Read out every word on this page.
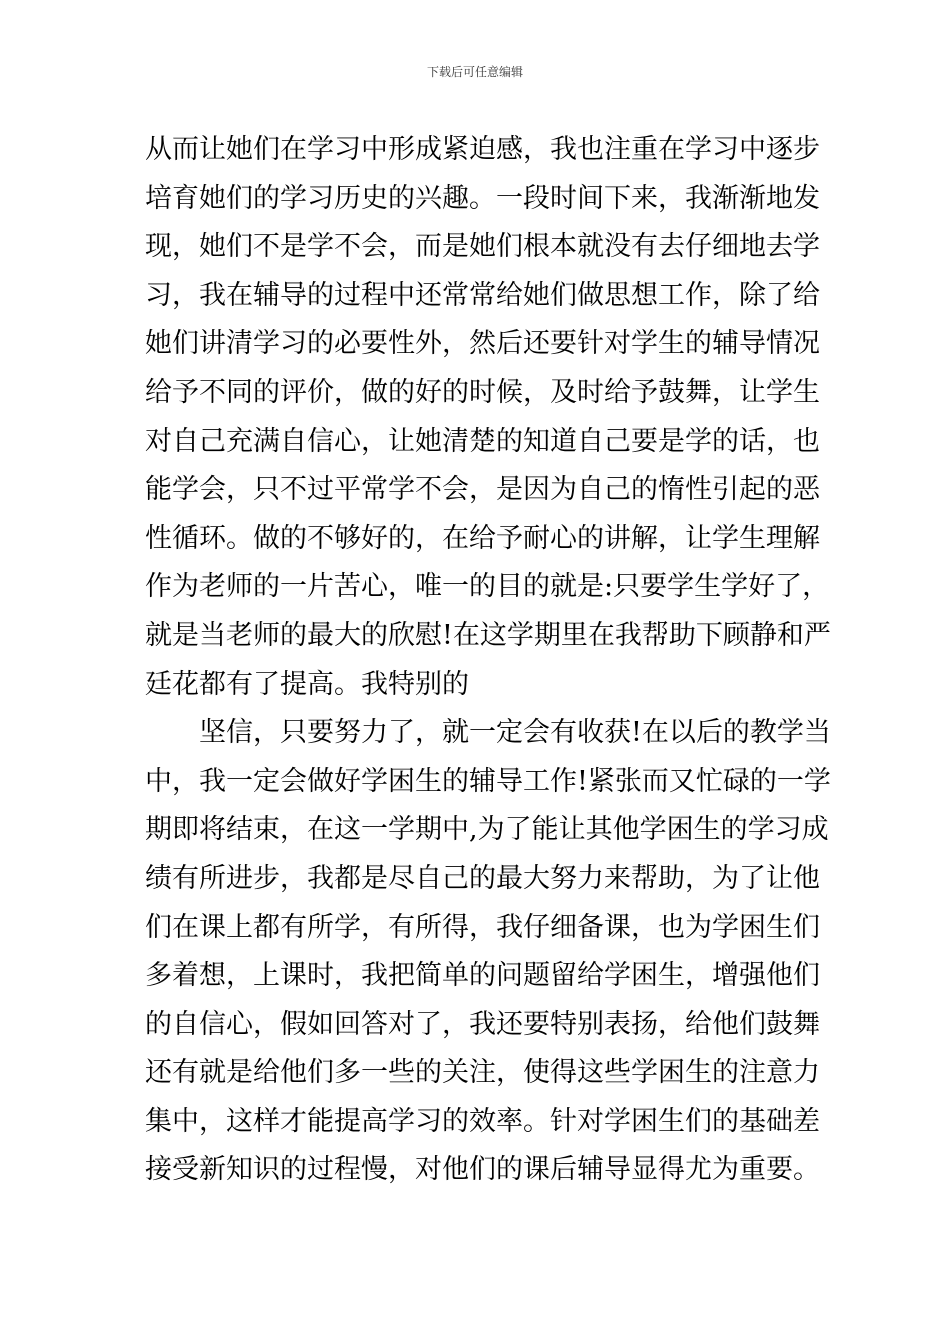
下载后可任意编辑
从而让她们在学习中形成紧迫感，我也注重在学习中逐步
培育她们的学习历史的兴趣。一段时间下来，我渐渐地发
现，她们不是学不会，而是她们根本就没有去仔细地去学
习，我在辅导的过程中还常常给她们做思想工作，除了给
她们讲清学习的必要性外，然后还要针对学生的辅导情况
给予不同的评价，做的好的时候，及时给予鼓舞，让学生
对自己充满自信心，让她清楚的知道自己要是学的话，也
能学会，只不过平常学不会，是因为自己的惰性引起的恶
性循环。做的不够好的，在给予耐心的讲解，让学生理解
作为老师的一片苦心，唯一的目的就是:只要学生学好了，
就是当老师的最大的欣慰!在这学期里在我帮助下顾静和严
廷花都有了提高。我特别的
　　坚信，只要努力了，就一定会有收获!在以后的教学当
中，我一定会做好学困生的辅导工作!紧张而又忙碌的一学
期即将结束，在这一学期中,为了能让其他学困生的学习成
绩有所进步，我都是尽自己的最大努力来帮助，为了让他
们在课上都有所学，有所得，我仔细备课，也为学困生们
多着想，上课时，我把简单的问题留给学困生，增强他们
的自信心，假如回答对了，我还要特别表扬，给他们鼓舞
还有就是给他们多一些的关注，使得这些学困生的注意力
集中，这样才能提高学习的效率。针对学困生们的基础差
接受新知识的过程慢，对他们的课后辅导显得尤为重要。
